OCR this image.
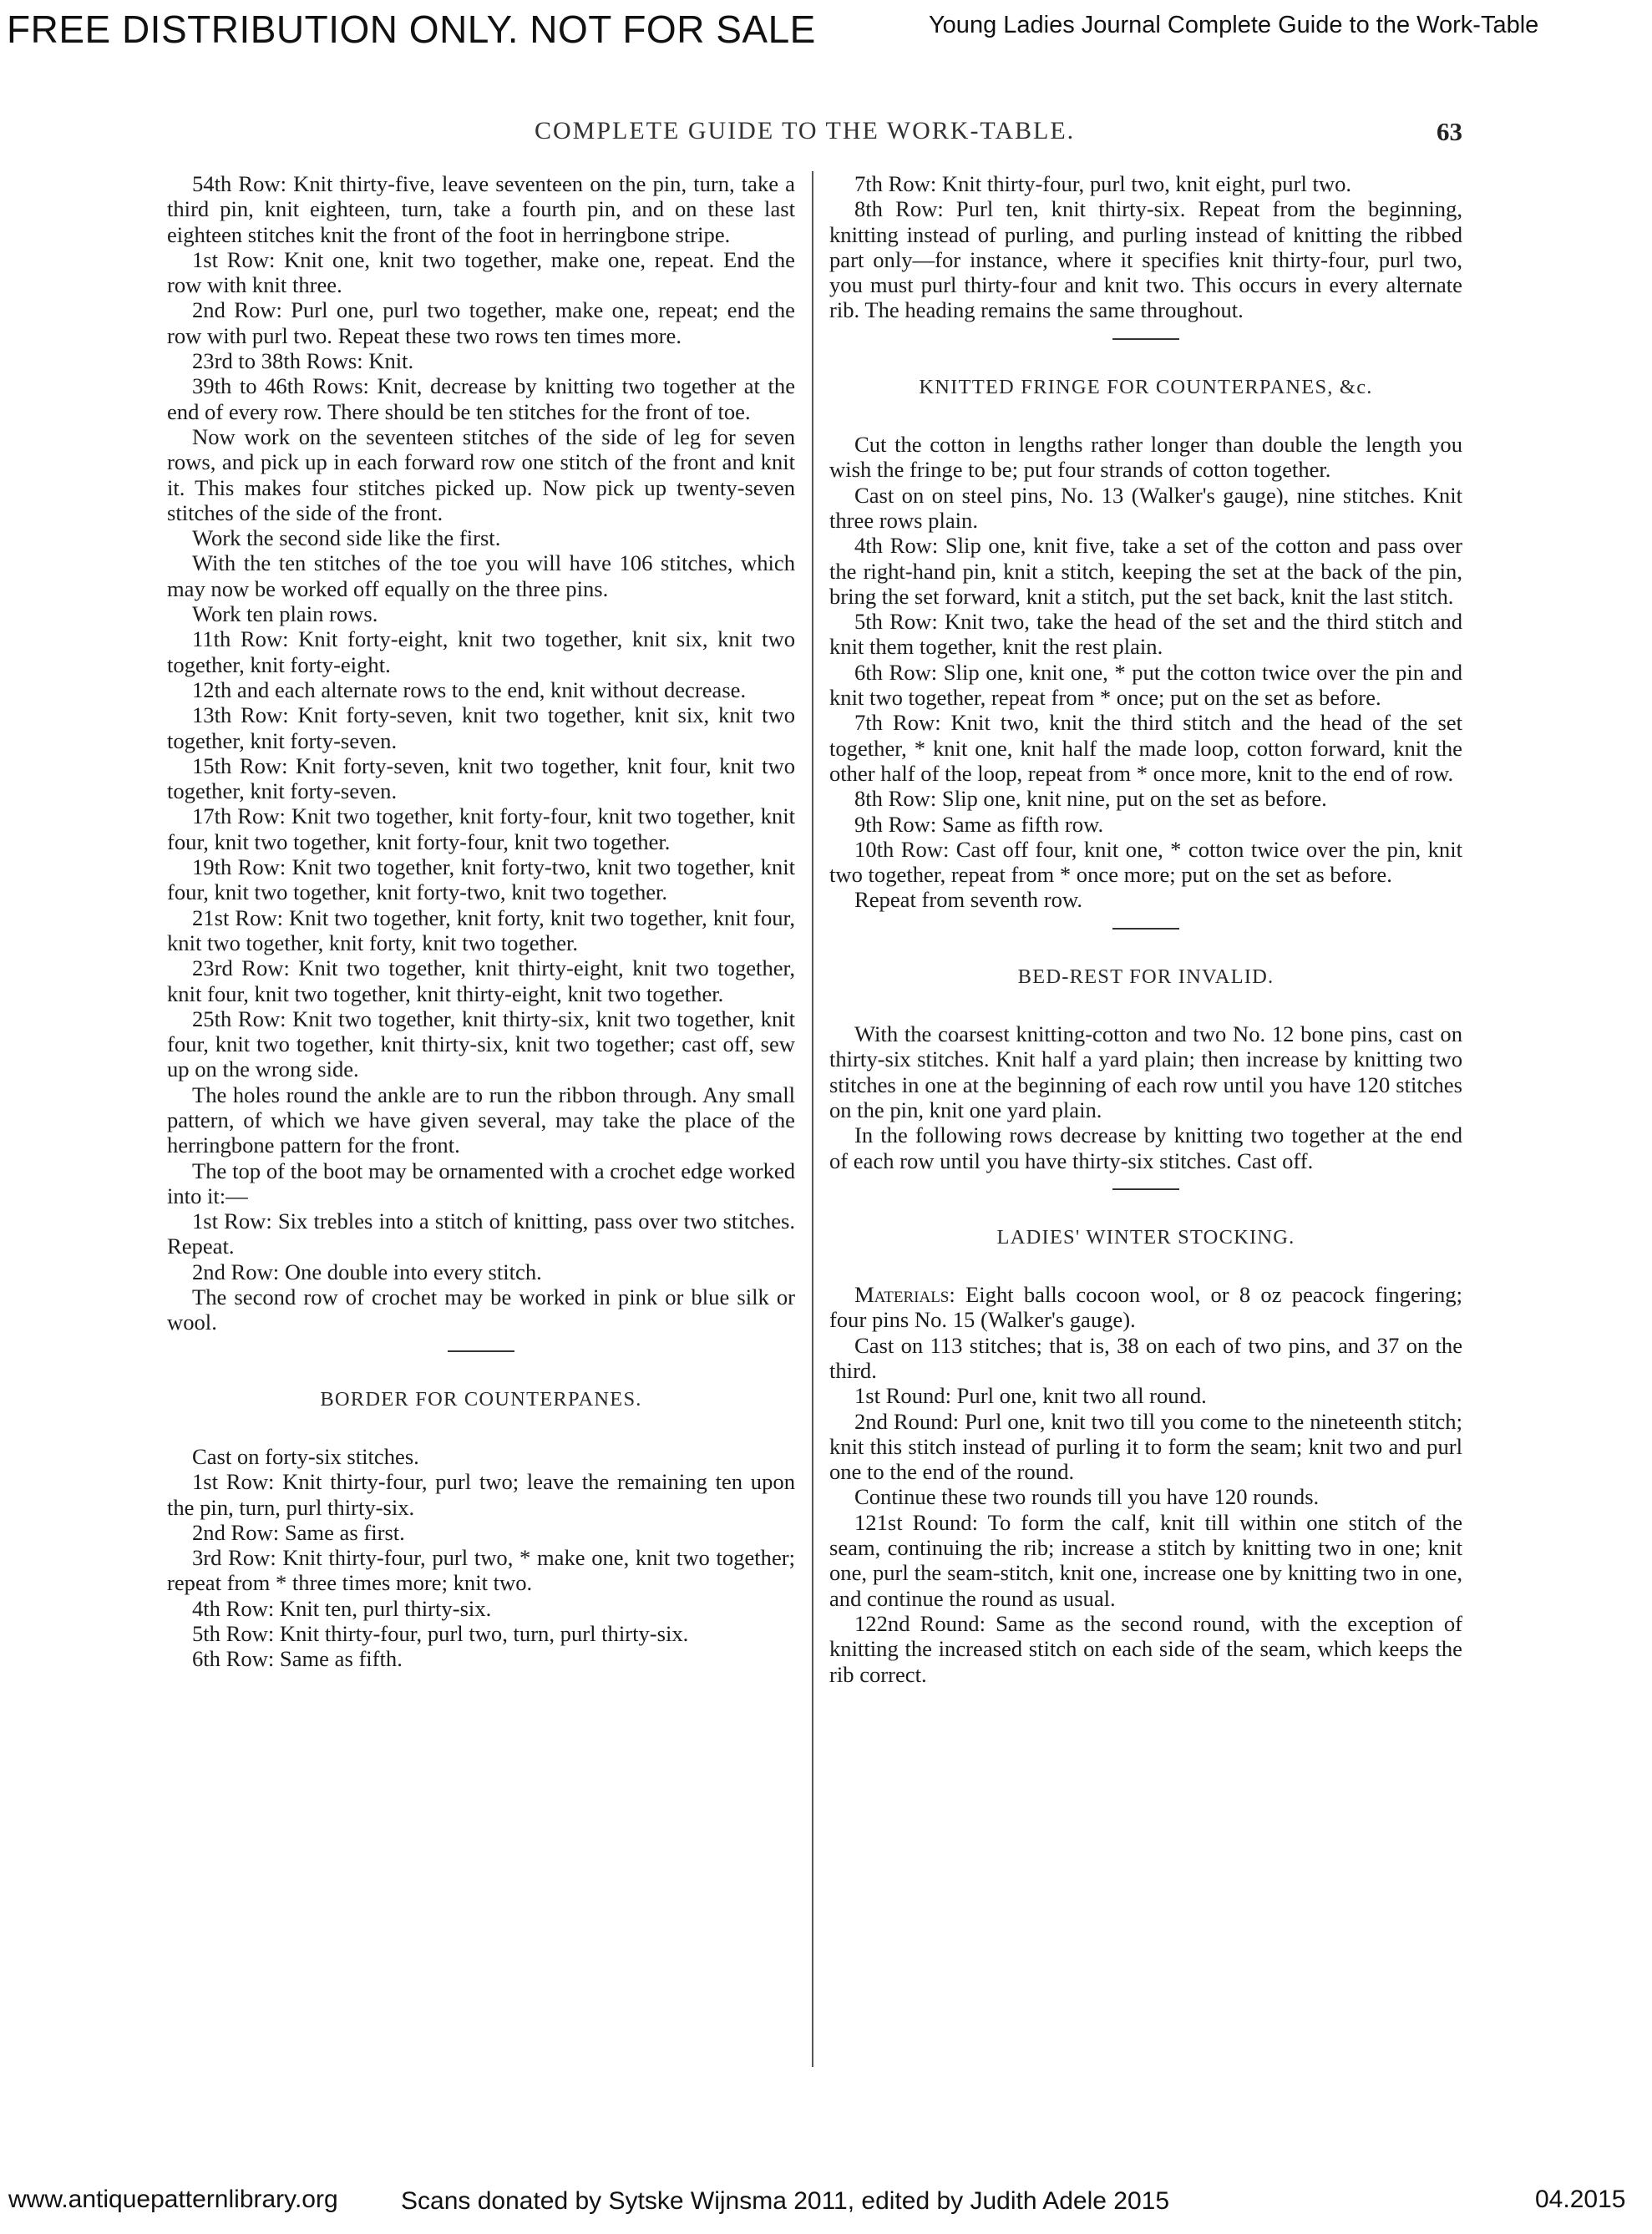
FREE DISTRIBUTION ONLY. NOT FOR SALE	Young Ladies Journal Complete Guide to the Work-Table
COMPLETE GUIDE TO THE WORK-TABLE.	63

54th Row: Knit thirty-five, leave seventeen on the pin, turn, take a third pin, knit eighteen, turn, take a fourth pin, and on these last eighteen stitches knit the front of the foot in herringbone stripe.

1st Row: Knit one, knit two together, make one, repeat. End the row with knit three.

2nd Row: Purl one, purl two together, make one, repeat; end the row with purl two. Repeat these two rows ten times more.

23rd to 38th Rows: Knit.

39th to 46th Rows: Knit, decrease by knitting two together at the end of every row. There should be ten stitches for the front of toe.

Now work on the seventeen stitches of the side of leg for seven rows, and pick up in each forward row one stitch of the front and knit it. This makes four stitches picked up. Now pick up twenty-seven stitches of the side of the front.

Work the second side like the first.

With the ten stitches of the toe you will have 106 stitches, which may now be worked off equally on the three pins.

Work ten plain rows.

11th Row: Knit forty-eight, knit two together, knit six, knit two together, knit forty-eight.

12th and each alternate rows to the end, knit without decrease.

13th Row: Knit forty-seven, knit two together, knit six, knit two together, knit forty-seven.

15th Row: Knit forty-seven, knit two together, knit four, knit two together, knit forty-seven.

17th Row: Knit two together, knit forty-four, knit two together, knit four, knit two together, knit forty-four, knit two together.

19th Row: Knit two together, knit forty-two, knit two together, knit four, knit two together, knit forty-two, knit two together.

21st Row: Knit two together, knit forty, knit two together, knit four, knit two together, knit forty, knit two together.

23rd Row: Knit two together, knit thirty-eight, knit two together, knit four, knit two together, knit thirty-eight, knit two together.

25th Row: Knit two together, knit thirty-six, knit two together, knit four, knit two together, knit thirty-six, knit two together; cast off, sew up on the wrong side.

The holes round the ankle are to run the ribbon through. Any small pattern, of which we have given several, may take the place of the herringbone pattern for the front.

The top of the boot may be ornamented with a crochet edge worked into it:—

1st Row: Six trebles into a stitch of knitting, pass over two stitches. Repeat.

2nd Row: One double into every stitch.

The second row of crochet may be worked in pink or blue silk or wool.

BORDER FOR COUNTERPANES.

Cast on forty-six stitches.

1st Row: Knit thirty-four, purl two; leave the remaining ten upon the pin, turn, purl thirty-six.

2nd Row: Same as first.

3rd Row: Knit thirty-four, purl two, * make one, knit two together; repeat from * three times more; knit two.

4th Row: Knit ten, purl thirty-six.

5th Row: Knit thirty-four, purl two, turn, purl thirty-six.

6th Row: Same as fifth.

7th Row: Knit thirty-four, purl two, knit eight, purl two.

8th Row: Purl ten, knit thirty-six. Repeat from the beginning, knitting instead of purling, and purling instead of knitting the ribbed part only—for instance, where it specifies knit thirty-four, purl two, you must purl thirty-four and knit two. This occurs in every alternate rib. The heading remains the same throughout.

KNITTED FRINGE FOR COUNTERPANES, &c.

Cut the cotton in lengths rather longer than double the length you wish the fringe to be; put four strands of cotton together.

Cast on on steel pins, No. 13 (Walker's gauge), nine stitches. Knit three rows plain.

4th Row: Slip one, knit five, take a set of the cotton and pass over the right-hand pin, knit a stitch, keeping the set at the back of the pin, bring the set forward, knit a stitch, put the set back, knit the last stitch.

5th Row: Knit two, take the head of the set and the third stitch and knit them together, knit the rest plain.

6th Row: Slip one, knit one, * put the cotton twice over the pin and knit two together, repeat from * once; put on the set as before.

7th Row: Knit two, knit the third stitch and the head of the set together, * knit one, knit half the made loop, cotton forward, knit the other half of the loop, repeat from * once more, knit to the end of row.

8th Row: Slip one, knit nine, put on the set as before.

9th Row: Same as fifth row.

10th Row: Cast off four, knit one, * cotton twice over the pin, knit two together, repeat from * once more; put on the set as before.

Repeat from seventh row.

BED-REST FOR INVALID.

With the coarsest knitting-cotton and two No. 12 bone pins, cast on thirty-six stitches. Knit half a yard plain; then increase by knitting two stitches in one at the beginning of each row until you have 120 stitches on the pin, knit one yard plain.

In the following rows decrease by knitting two together at the end of each row until you have thirty-six stitches. Cast off.

LADIES' WINTER STOCKING.

Materials: Eight balls cocoon wool, or 8 oz peacock fingering; four pins No. 15 (Walker's gauge).

Cast on 113 stitches; that is, 38 on each of two pins, and 37 on the third.

1st Round: Purl one, knit two all round.

2nd Round: Purl one, knit two till you come to the nineteenth stitch; knit this stitch instead of purling it to form the seam; knit two and purl one to the end of the round.

Continue these two rounds till you have 120 rounds.

121st Round: To form the calf, knit till within one stitch of the seam, continuing the rib; increase a stitch by knitting two in one; knit one, purl the seam-stitch, knit one, increase one by knitting two in one, and continue the round as usual.

122nd Round: Same as the second round, with the exception of knitting the increased stitch on each side of the seam, which keeps the rib correct.

www.antiquepatternlibrary.org	Scans donated by Sytske Wijnsma 2011, edited by Judith Adele 2015	04.2015
